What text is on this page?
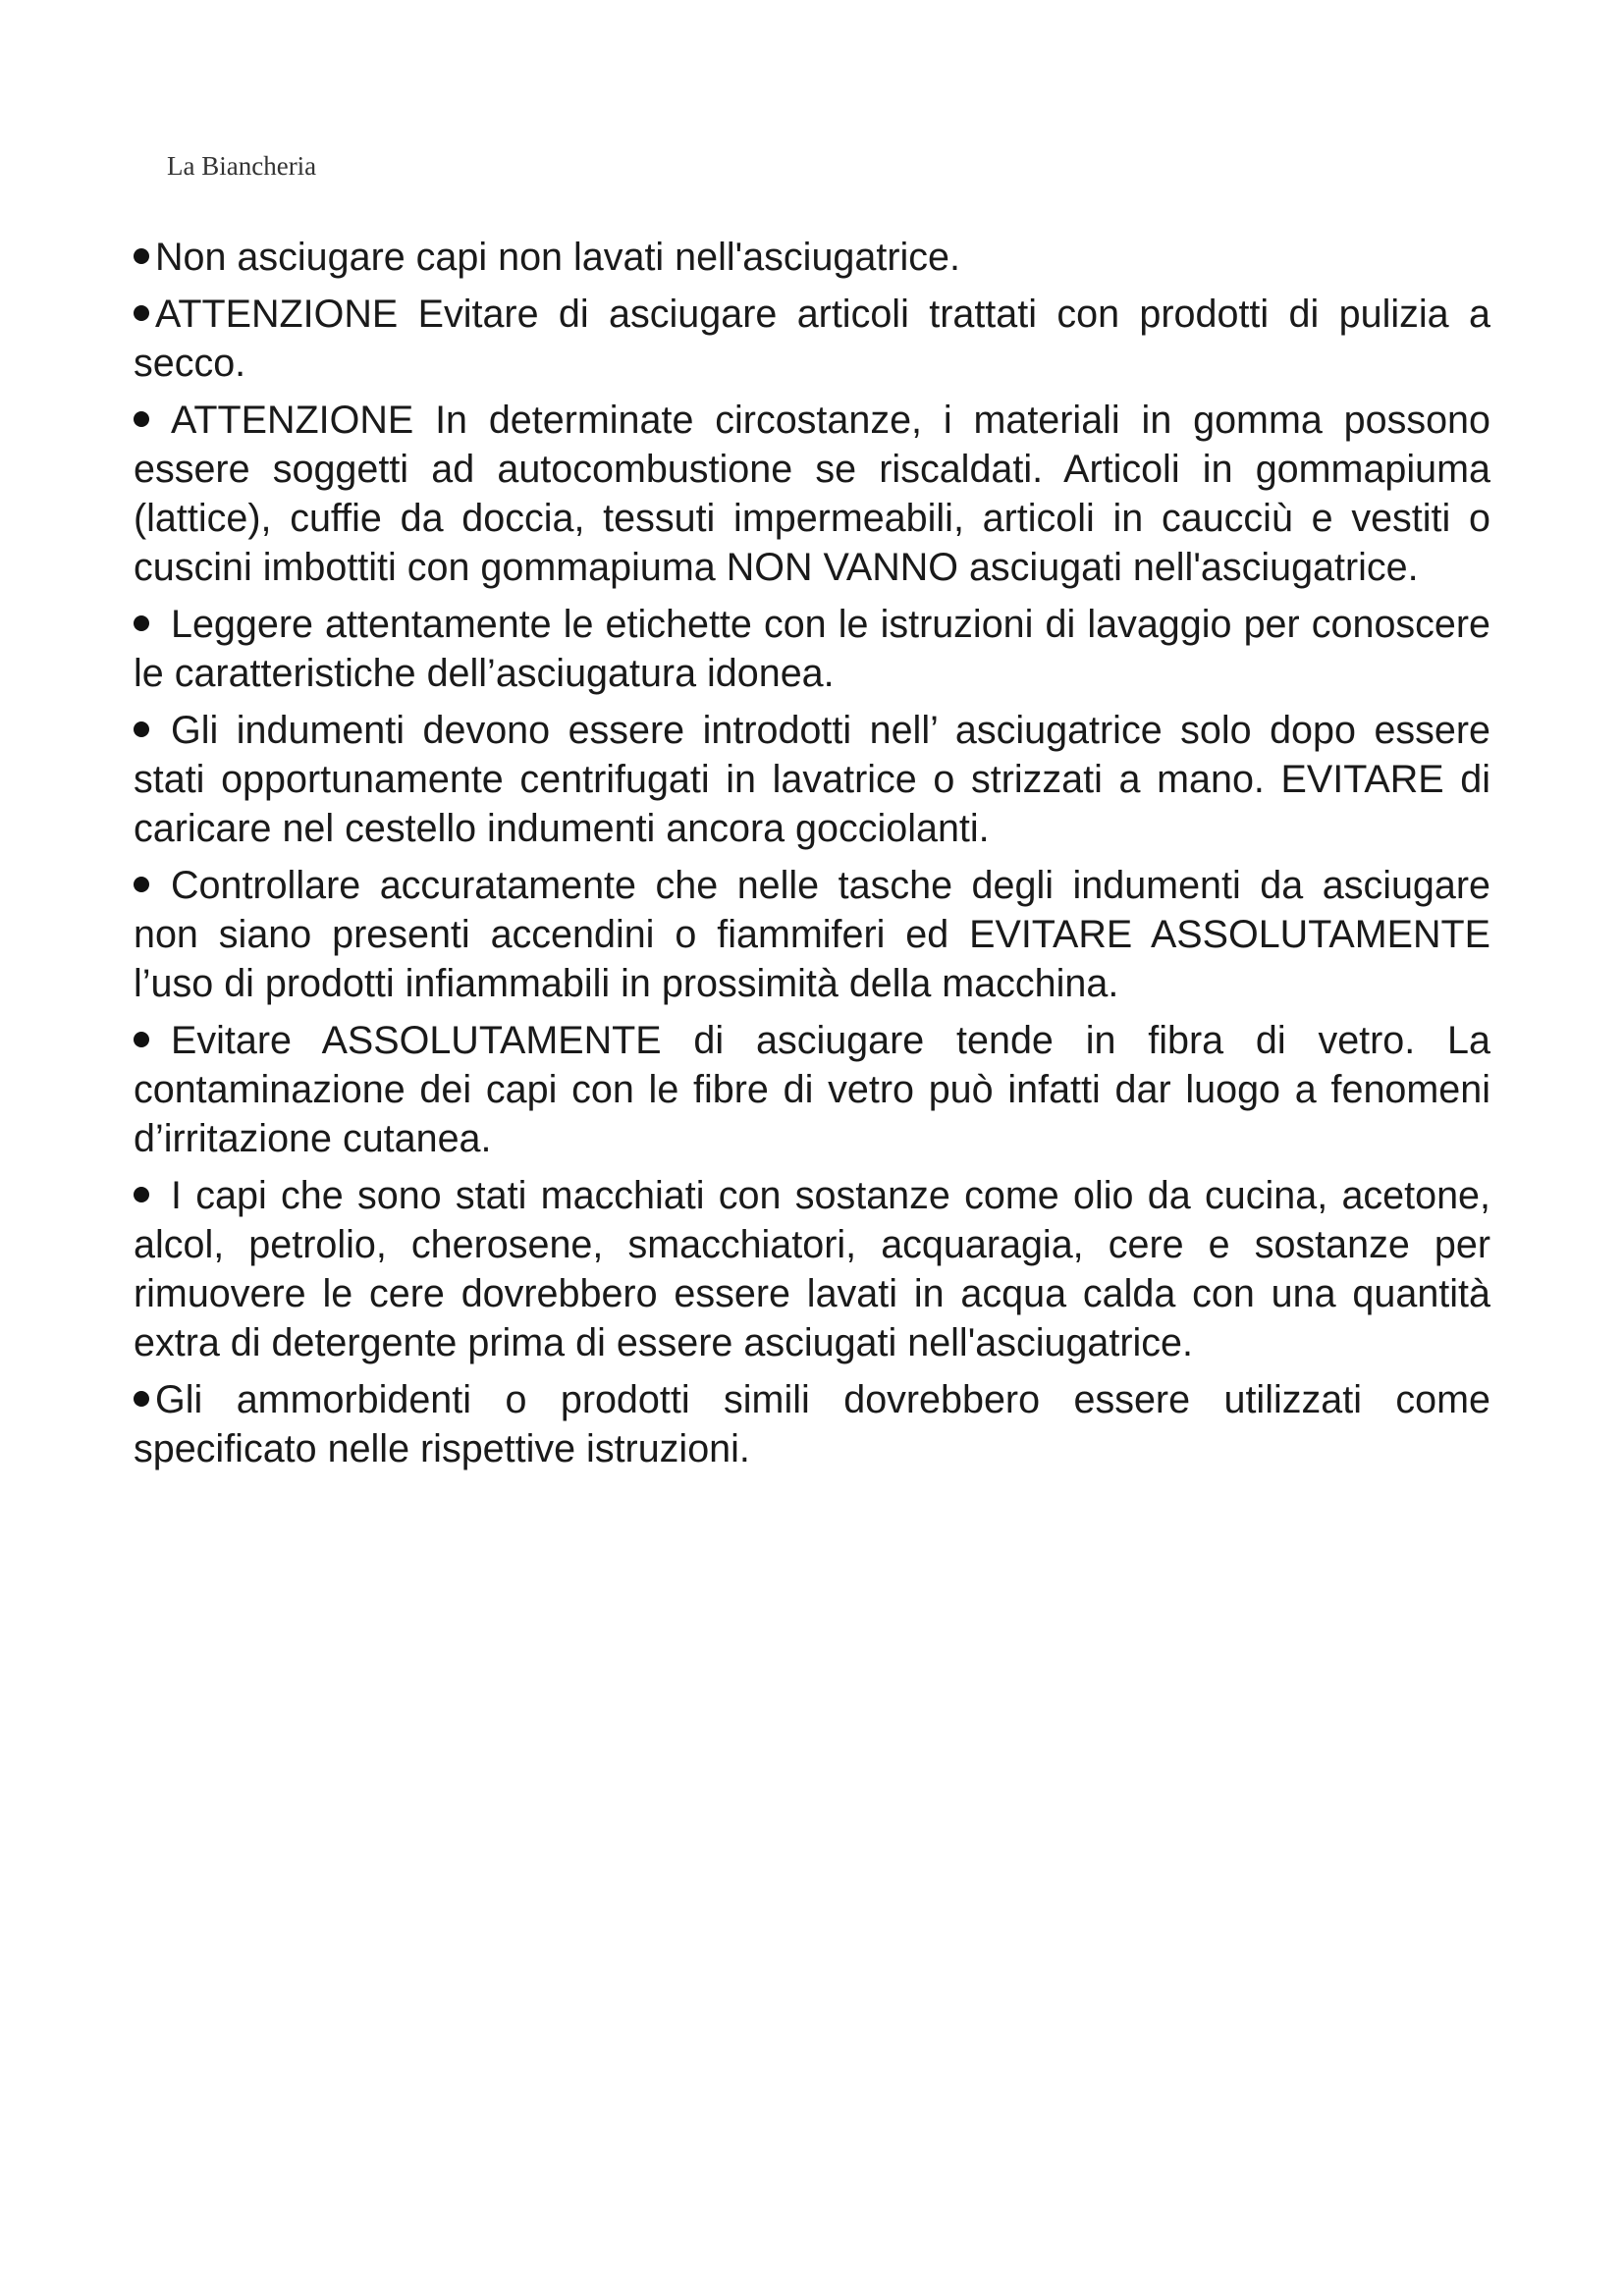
La Biancheria

Non asciugare capi non lavati nell'asciugatrice.

ATTENZIONE Evitare di asciugare articoli trattati con prodotti di pulizia a secco.

ATTENZIONE In determinate circostanze, i materiali in gomma possono essere soggetti ad autocombustione se riscaldati. Articoli in gommapiuma (lattice), cuffie da doccia, tessuti impermeabili, articoli in caucciù e vestiti o cuscini imbottiti con gommapiuma NON VANNO asciugati nell'asciugatrice.

Leggere attentamente le etichette con le istruzioni di lavaggio per conoscere le caratteristiche dell’asciugatura idonea.

Gli indumenti devono essere introdotti nell’ asciugatrice solo dopo essere stati opportunamente centrifugati in lavatrice o strizzati a mano. EVITARE di caricare nel cestello indumenti ancora gocciolanti.

Controllare accuratamente che nelle tasche degli indumenti da asciugare non siano presenti accendini o fiammiferi ed EVITARE ASSOLUTAMENTE l’uso di prodotti infiammabili in prossimità della macchina.

Evitare ASSOLUTAMENTE di asciugare tende in fibra di vetro. La contaminazione dei capi con le fibre di vetro può infatti dar luogo a fenomeni d’irritazione cutanea.

I capi che sono stati macchiati con sostanze come olio da cucina, acetone, alcol, petrolio, cherosene, smacchiatori, acquaragia, cere e sostanze per rimuovere le cere dovrebbero essere lavati in acqua calda con una quantità extra di detergente prima di essere asciugati nell'asciugatrice.

Gli ammorbidenti o prodotti simili dovrebbero essere utilizzati come specificato nelle rispettive istruzioni.
